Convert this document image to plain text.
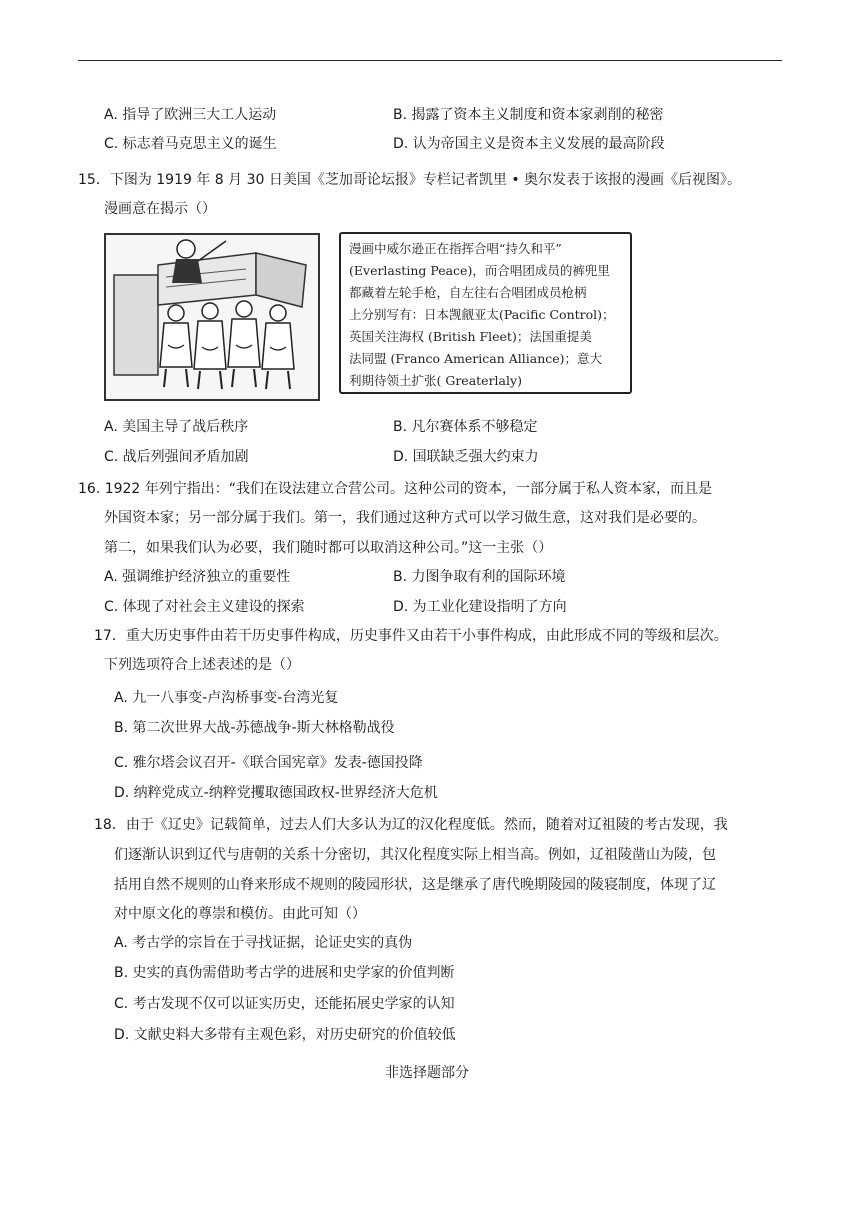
A. 指导了欧洲三大工人运动	B. 揭露了资本主义制度和资本家剥削的秘密
C. 标志着马克思主义的诞生	D. 认为帝国主义是资本主义发展的最高阶段
15．下图为 1919 年 8 月 30 日美国《芝加哥论坛报》专栏记者凯里 • 奥尔发表于该报的漫画《后视图》。
漫画意在揭示（）
漫画中威尔逊正在指挥合唱“持久和平”
(Everlasting Peace)，而合唱团成员的裤兜里
都藏着左轮手枪，自左往右合唱团成员枪柄
上分别写有：日本觊觎亚太(Pacific Control)；
英国关注海权 (British Fleet)；法国重提美
法同盟 (Franco American Alliance)；意大
利期待领土扩张( Greaterlaly)
A. 美国主导了战后秩序	B. 凡尔赛体系不够稳定
C. 战后列强间矛盾加剧	D. 国联缺乏强大约束力
16. 1922 年列宁指出：“我们在设法建立合营公司。这种公司的资本，一部分属于私人资本家，而且是
外国资本家；另一部分属于我们。第一，我们通过这种方式可以学习做生意，这对我们是必要的。
第二，如果我们认为必要，我们随时都可以取消这种公司。”这一主张（）
A. 强调维护经济独立的重要性	B. 力图争取有利的国际环境
C. 体现了对社会主义建设的探索	D. 为工业化建设指明了方向
17．重大历史事件由若干历史事件构成，历史事件又由若干小事件构成，由此形成不同的等级和层次。
下列选项符合上述表述的是（）
A. 九一八事变-卢沟桥事变-台湾光复
B. 第二次世界大战-苏德战争-斯大林格勒战役
C. 雅尔塔会议召开-《联合国宪章》发表-德国投降
D. 纳粹党成立-纳粹党攫取德国政权-世界经济大危机
18．由于《辽史》记载简单，过去人们大多认为辽的汉化程度低。然而，随着对辽祖陵的考古发现，我
们逐渐认识到辽代与唐朝的关系十分密切，其汉化程度实际上相当高。例如，辽祖陵凿山为陵，包
括用自然不规则的山脊来形成不规则的陵园形状，这是继承了唐代晚期陵园的陵寝制度，体现了辽
对中原文化的尊崇和模仿。由此可知（）
A. 考古学的宗旨在于寻找证据，论证史实的真伪
B. 史实的真伪需借助考古学的进展和史学家的价值判断
C. 考古发现不仅可以证实历史，还能拓展史学家的认知
D. 文献史料大多带有主观色彩，对历史研究的价值较低
非选择题部分
